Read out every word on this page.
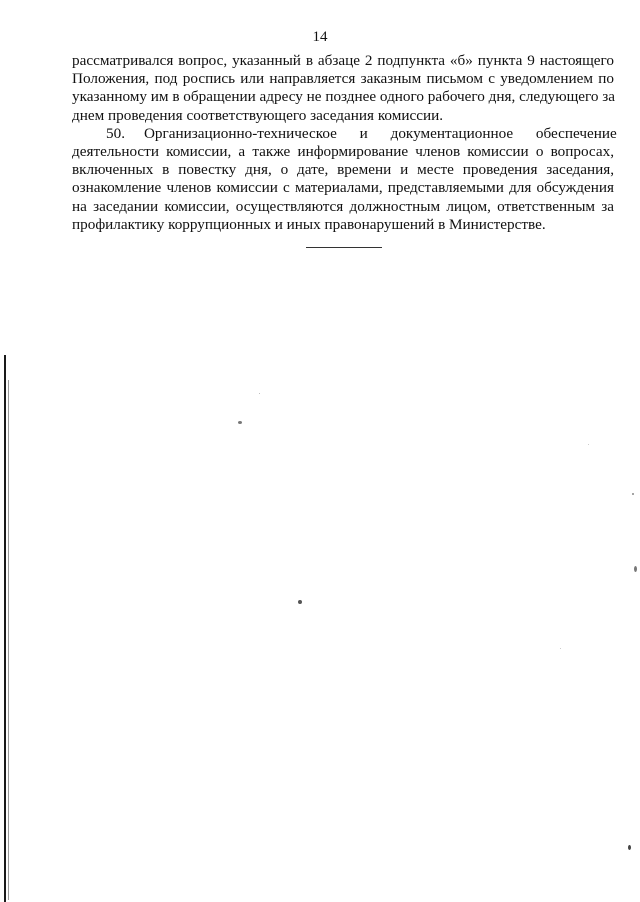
14
рассматривался вопрос, указанный в абзаце 2 подпункта «б» пункта 9 настоящего
Положения, под роспись или направляется заказным письмом с уведомлением по
указанному им в обращении адресу не позднее одного рабочего дня, следующего за
днем проведения соответствующего заседания комиссии.
50.     Организационно-техническое      и      документационное      обеспечение
деятельности комиссии, а также информирование членов комиссии о вопросах,
включенных в повестку дня, о дате, времени и месте проведения заседания,
ознакомление членов комиссии с материалами, представляемыми для обсуждения
на заседании комиссии, осуществляются должностным лицом, ответственным за
профилактику коррупционных и иных правонарушений в Министерстве.
